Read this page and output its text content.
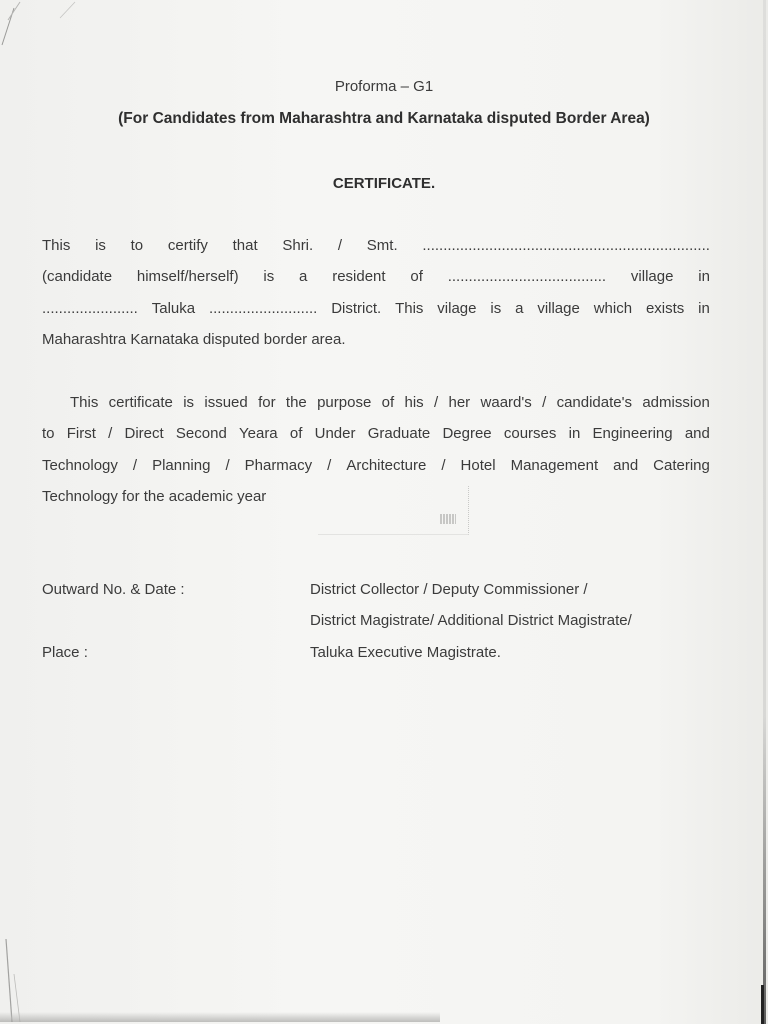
Proforma – G1
(For Candidates from Maharashtra and Karnataka disputed Border Area)
CERTIFICATE.
This is to certify that Shri. / Smt. .....................................................................
(candidate himself/herself) is a resident of ...................................... village in
....................... Taluka .......................... District. This vilage is a village which exists in
Maharashtra Karnataka disputed border area.
This certificate is issued for the purpose of his / her waard's / candidate's admission
to First / Direct Second Yeara of Under Graduate Degree courses in Engineering and
Technology / Planning / Pharmacy / Architecture / Hotel Management and Catering
Technology for the academic year
Outward No. & Date :
Place :
District Collector / Deputy Commissioner /
District Magistrate/ Additional District Magistrate/
Taluka Executive Magistrate.
